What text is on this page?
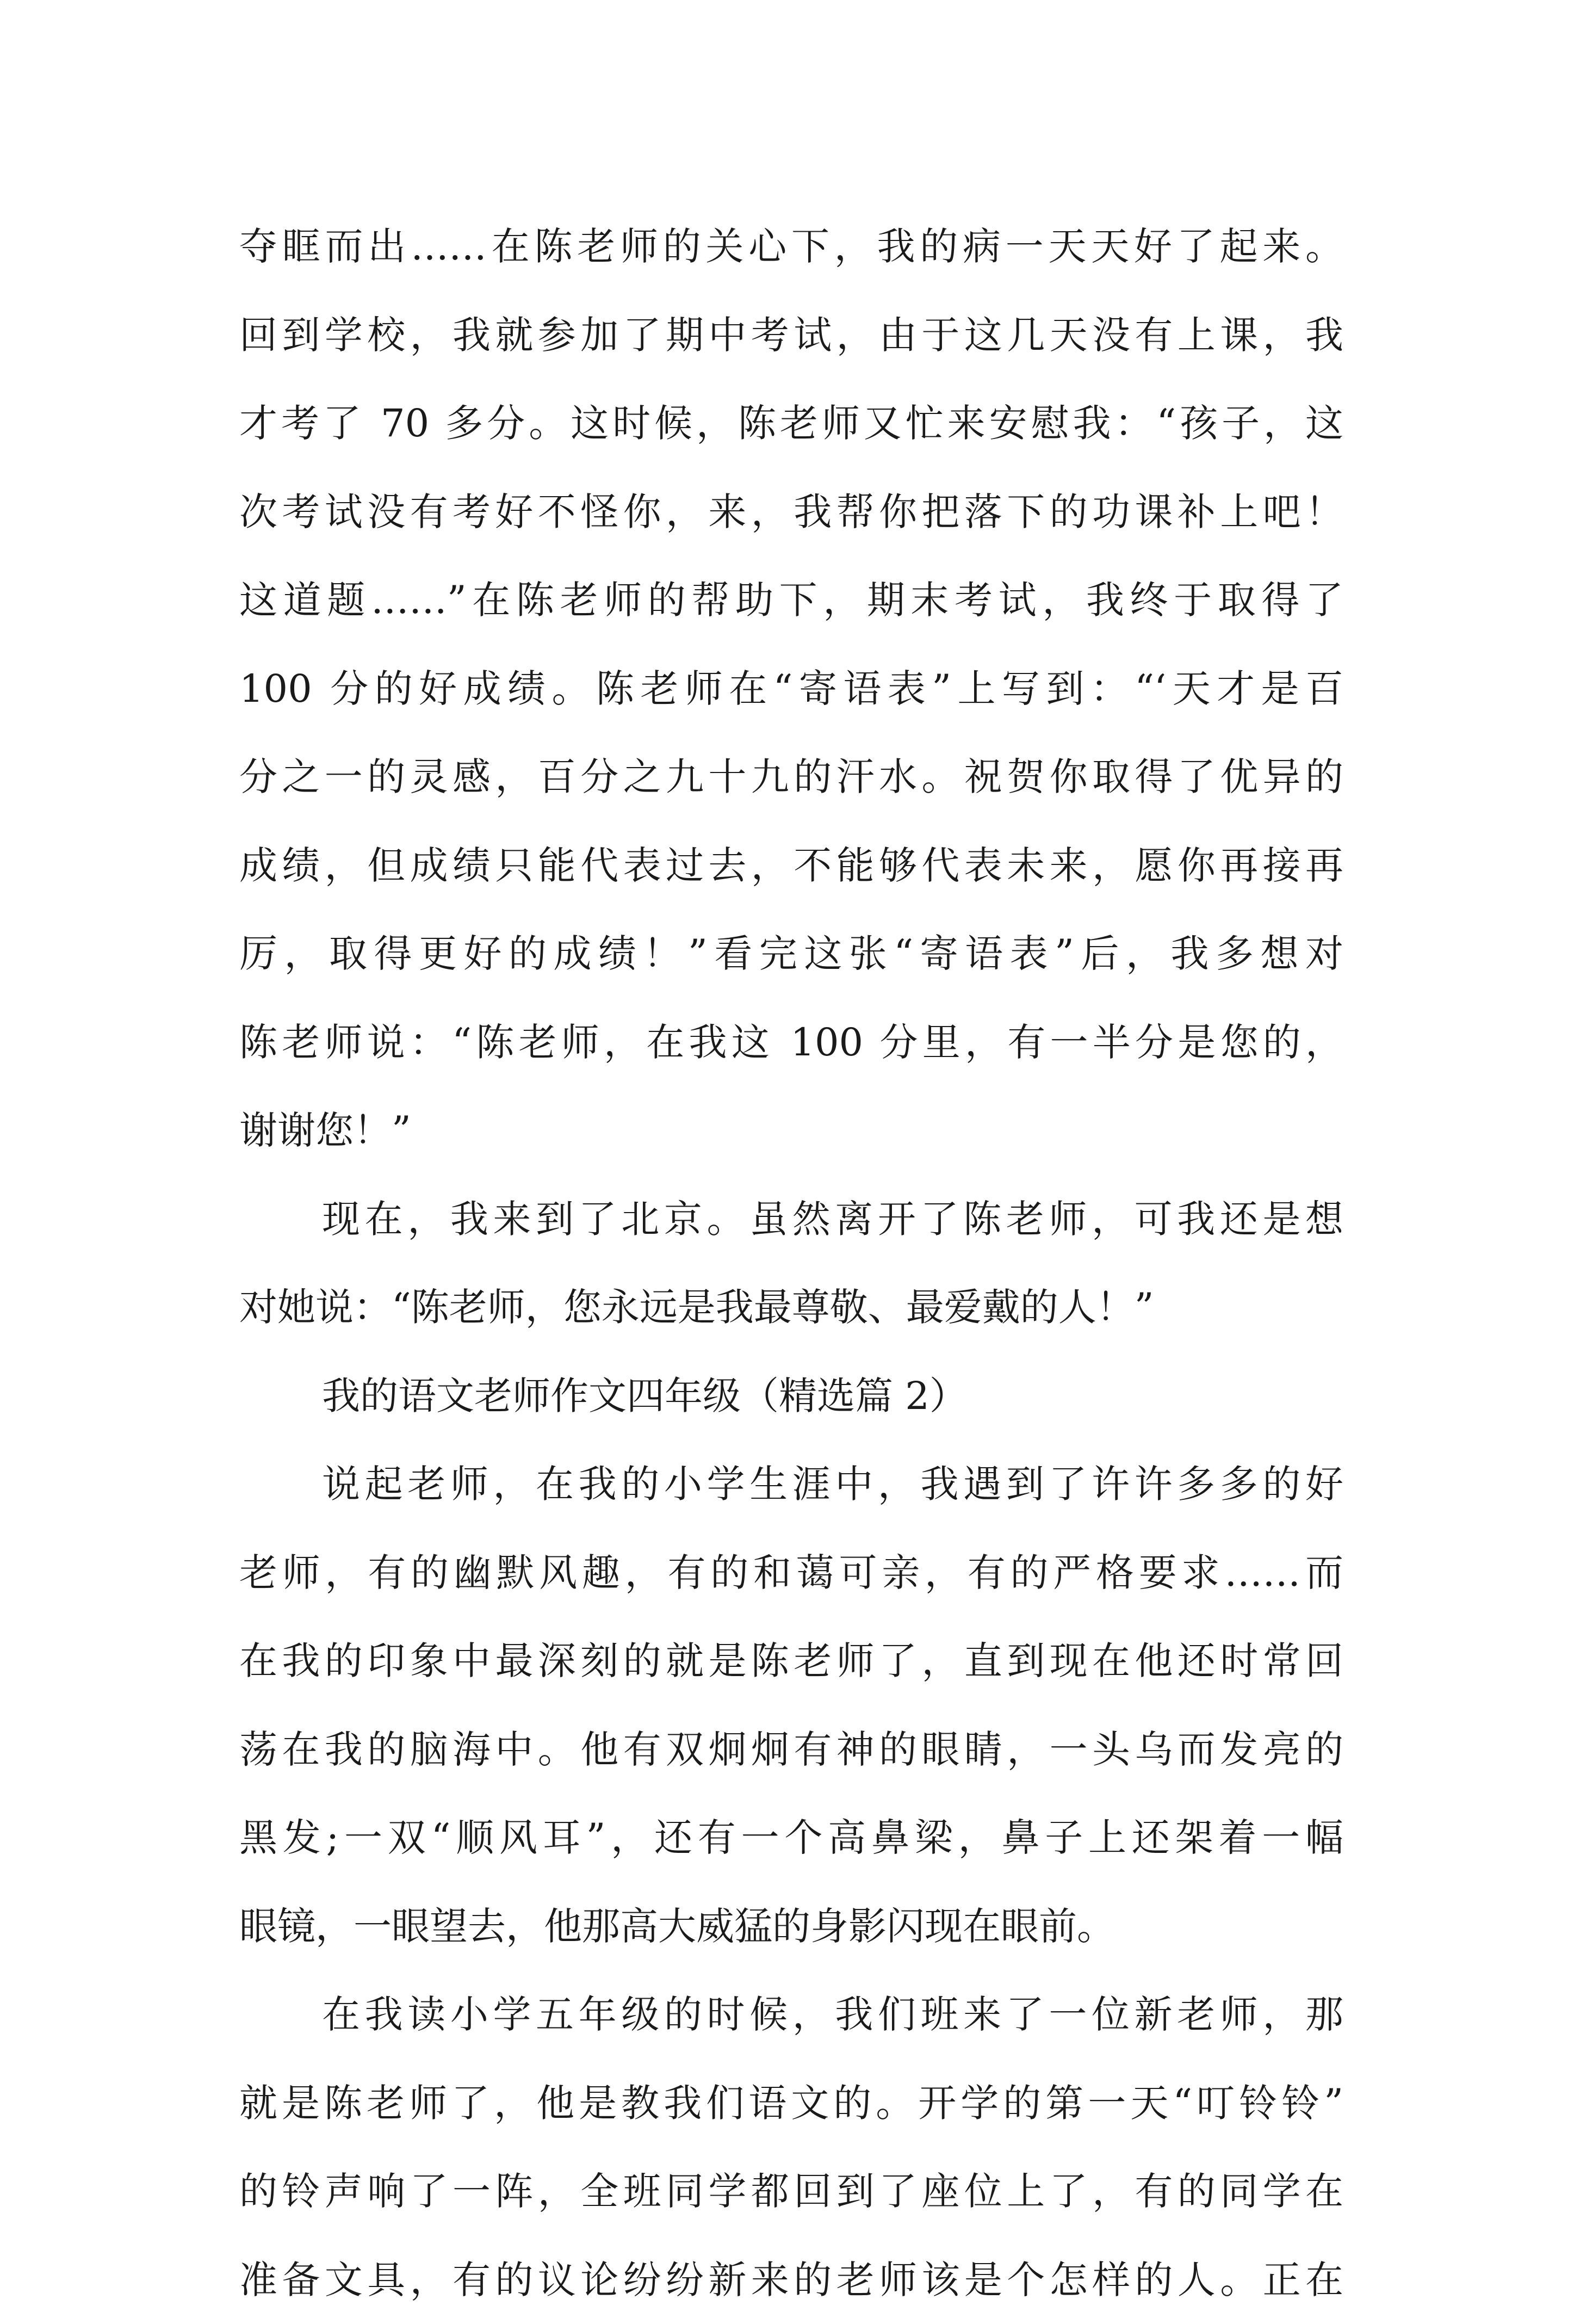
夺眶而出……在陈老师的关心下，我的病一天天好了起来。
回到学校，我就参加了期中考试，由于这几天没有上课，我
才考了 70 多分。这时候，陈老师又忙来安慰我：“孩子，这
次考试没有考好不怪你，来，我帮你把落下的功课补上吧！
这道题……”在陈老师的帮助下，期末考试，我终于取得了
100 分的好成绩。陈老师在“寄语表”上写到：“‘天才是百
分之一的灵感，百分之九十九的汗水。祝贺你取得了优异的
成绩，但成绩只能代表过去，不能够代表未来，愿你再接再
厉，取得更好的成绩！”看完这张“寄语表”后，我多想对
陈老师说：“陈老师，在我这 100 分里，有一半分是您的，
谢谢您！”
现在，我来到了北京。虽然离开了陈老师，可我还是想
对她说：“陈老师，您永远是我最尊敬、最爱戴的人！”
我的语文老师作文四年级（精选篇 2）
说起老师，在我的小学生涯中，我遇到了许许多多的好
老师，有的幽默风趣，有的和蔼可亲，有的严格要求……而
在我的印象中最深刻的就是陈老师了，直到现在他还时常回
荡在我的脑海中。他有双炯炯有神的眼睛，一头乌而发亮的
黑发;一双“顺风耳”，还有一个高鼻梁，鼻子上还架着一幅
眼镜，一眼望去，他那高大威猛的身影闪现在眼前。
在我读小学五年级的时候，我们班来了一位新老师，那
就是陈老师了，他是教我们语文的。开学的第一天“叮铃铃”
的铃声响了一阵，全班同学都回到了座位上了，有的同学在
准备文具，有的议论纷纷新来的老师该是个怎样的人。正在
